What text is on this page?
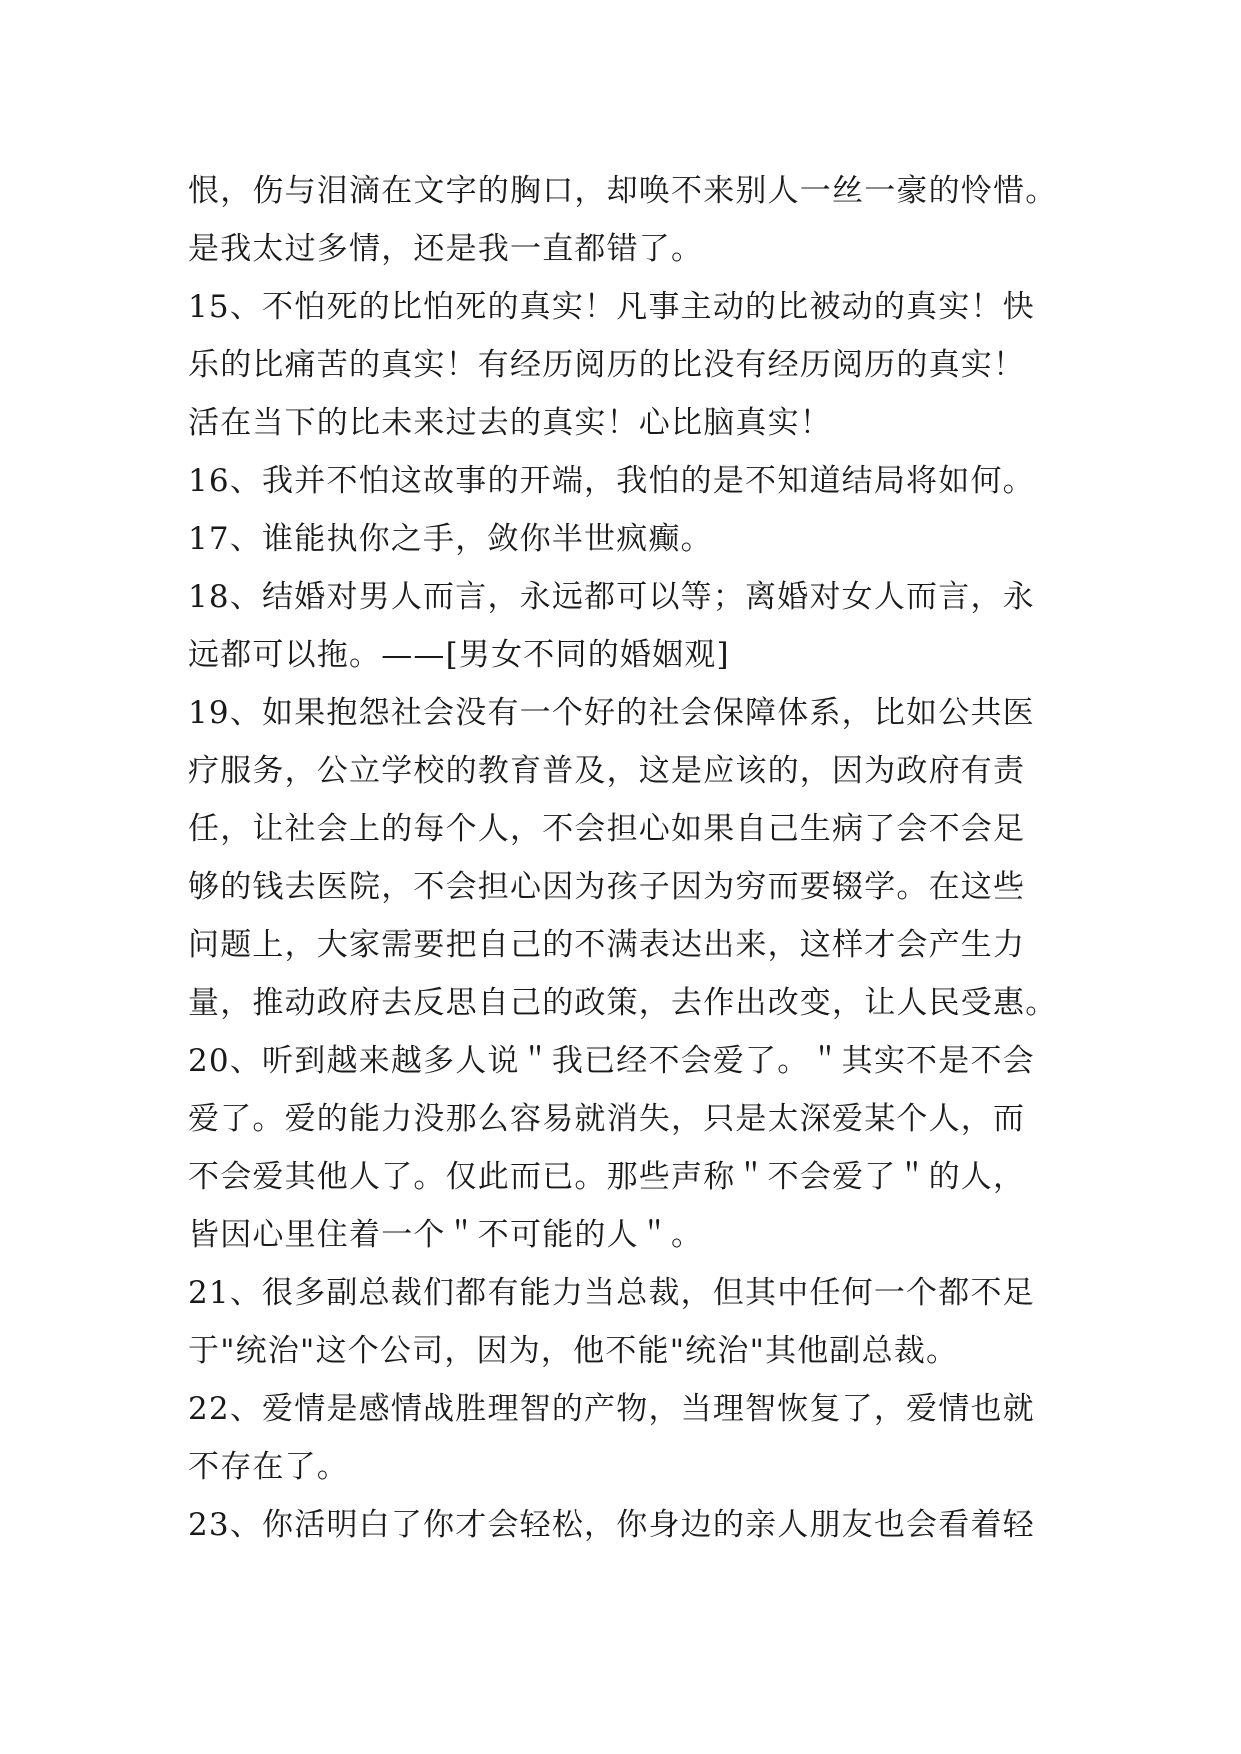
恨，伤与泪滴在文字的胸口，却唤不来别人一丝一豪的怜惜。
是我太过多情，还是我一直都错了。
15、不怕死的比怕死的真实！凡事主动的比被动的真实！快
乐的比痛苦的真实！有经历阅历的比没有经历阅历的真实！
活在当下的比未来过去的真实！心比脑真实！
16、我并不怕这故事的开端，我怕的是不知道结局将如何。
17、谁能执你之手，敛你半世疯癫。
18、结婚对男人而言，永远都可以等；离婚对女人而言，永
远都可以拖。——[男女不同的婚姻观]
19、如果抱怨社会没有一个好的社会保障体系，比如公共医
疗服务，公立学校的教育普及，这是应该的，因为政府有责
任，让社会上的每个人，不会担心如果自己生病了会不会足
够的钱去医院，不会担心因为孩子因为穷而要辍学。在这些
问题上，大家需要把自己的不满表达出来，这样才会产生力
量，推动政府去反思自己的政策，去作出改变，让人民受惠。
20、听到越来越多人说＂我已经不会爱了。＂其实不是不会
爱了。爱的能力没那么容易就消失，只是太深爱某个人，而
不会爱其他人了。仅此而已。那些声称＂不会爱了＂的人，
皆因心里住着一个＂不可能的人＂。
21、很多副总裁们都有能力当总裁，但其中任何一个都不足
于"统治"这个公司，因为，他不能"统治"其他副总裁。
22、爱情是感情战胜理智的产物，当理智恢复了，爱情也就
不存在了。
23、你活明白了你才会轻松，你身边的亲人朋友也会看着轻
